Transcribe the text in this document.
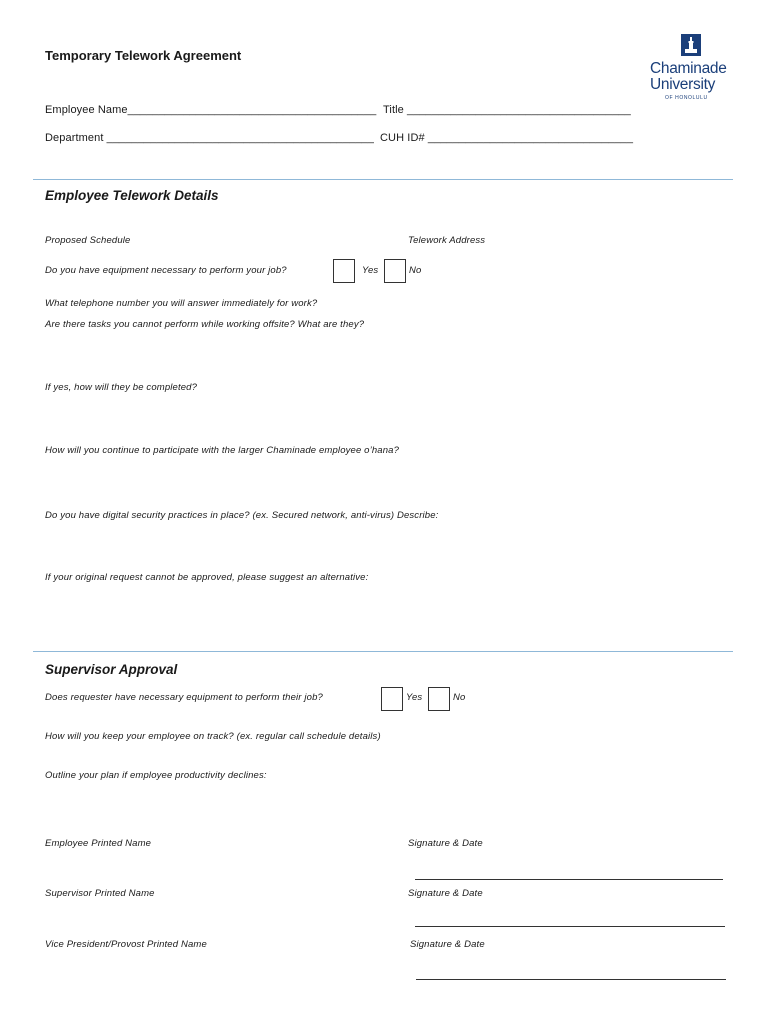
Temporary Telework Agreement
Chaminade
University
OF HONOLULU
Employee Name________________________________________ Title ____________________________________
Department ___________________________________________ CUH ID# _________________________________
Employee Telework Details
Proposed Schedule	Telework Address
Do you have equipment necessary to perform your job?	Yes	No
What telephone number you will answer immediately for work?
Are there tasks you cannot perform while working offsite? What are they?
If yes, how will they be completed?
How will you continue to participate with the larger Chaminade employee o’hana?
Do you have digital security practices in place? (ex. Secured network, anti-virus) Describe:
If your original request cannot be approved, please suggest an alternative:
Supervisor Approval
Does requester have necessary equipment to perform their job?	Yes	No
How will you keep your employee on track? (ex. regular call schedule details)
Outline your plan if employee productivity declines:
Employee Printed Name	Signature & Date
Supervisor Printed Name	Signature & Date
Vice President/Provost Printed Name	Signature & Date
